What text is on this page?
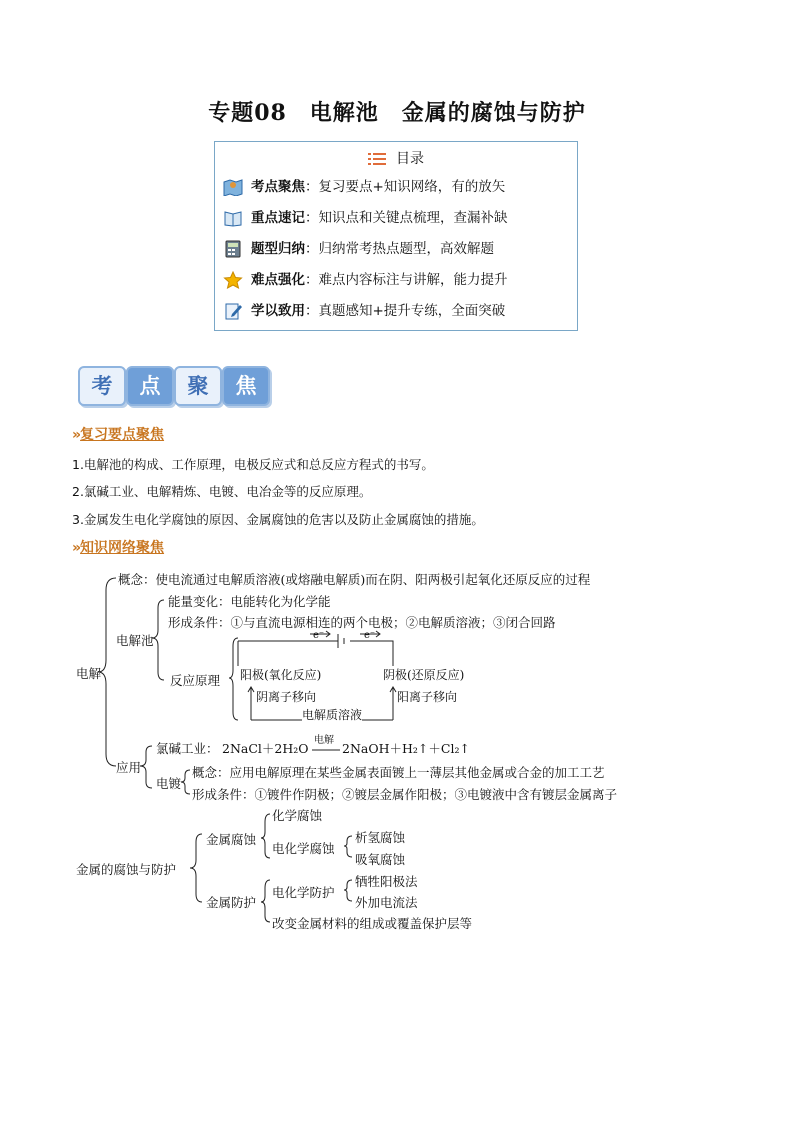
专题08　电解池　金属的腐蚀与防护
目录
考点聚焦：复习要点+知识网络，有的放矢
重点速记：知识点和关键点梳理，查漏补缺
题型归纳：归纳常考热点题型，高效解题
难点强化：难点内容标注与讲解，能力提升
学以致用：真题感知+提升专练，全面突破
考	点	聚	焦
» 复习要点聚焦
1.电解池的构成、工作原理，电极反应式和总反应方程式的书写。
2.氯碱工业、电解精炼、电镀、电冶金等的反应原理。
3.金属发生电化学腐蚀的原因、金属腐蚀的危害以及防止金属腐蚀的措施。
» 知识网络聚焦
电解
概念：使电流通过电解质溶液(或熔融电解质)而在阴、阳两极引起氧化还原反应的过程
电解池
能量变化：电能转化为化学能
形成条件：①与直流电源相连的两个电极；②电解质溶液；③闭合回路
反应原理
e⁻	e⁻
阳极(氧化反应)	阴极(还原反应)
阴离子移向	阳离子移向
电解质溶液
应用
氯碱工业： 2NaCl＋2H₂O
电解
2NaOH＋H₂↑＋Cl₂↑
电镀
概念：应用电解原理在某些金属表面镀上一薄层其他金属或合金的加工工艺
形成条件：①镀件作阴极；②镀层金属作阳极；③电镀液中含有镀层金属离子
金属的腐蚀与防护
金属腐蚀
化学腐蚀
电化学腐蚀
析氢腐蚀
吸氧腐蚀
金属防护
电化学防护
牺牲阳极法
外加电流法
改变金属材料的组成或覆盖保护层等
